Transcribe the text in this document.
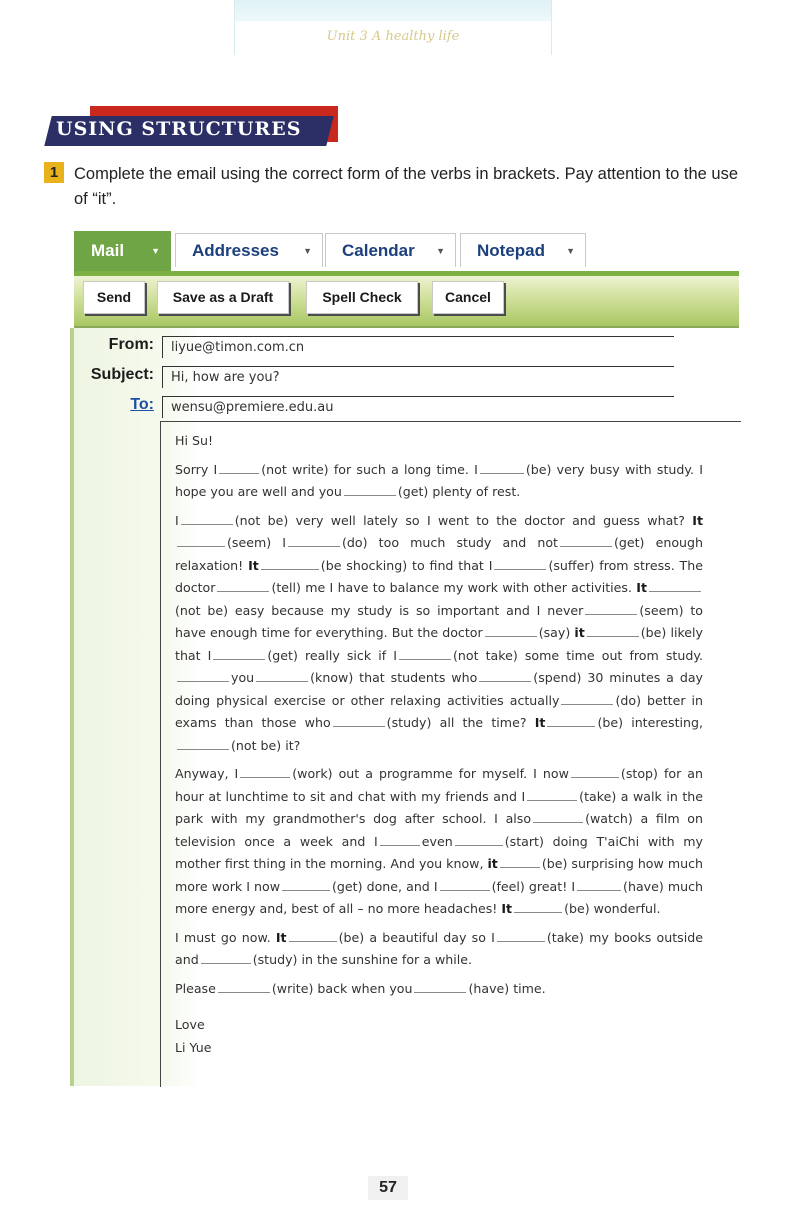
Unit 3 A healthy life
USING STRUCTURES
1 Complete the email using the correct form of the verbs in brackets. Pay attention to the use of “it”.
Mail	▼	Addresses	▼	Calendar ▼	Notepad ▼
Send	Save as a Draft	Spell Check	Cancel
From:	liyue@timon.com.cn
Subject:	Hi, how are you?
To:	wensu@premiere.edu.au

Hi Su!

Sorry I	(not write) for such a long time. I	(be) very busy with study. I hope you are well and you	(get) plenty of rest.

I	(not be) very well lately so I went to the doctor and guess what? It(seem) I	(do) too much study and not	(get) enough relaxation! It	(be shocking) to find that I	(suffer) from stress. The doctor	(tell) me I have to balance my work with other activities. It(not be) easy because my study is so important and I never	(seem) to have enough time for everything. But the doctor	(say) it	(be) likely that I	(get) really sick if I	(not take) some time out from study.you	(know) that students who	(spend) 30 minutes a day doing physical exercise or other relaxing activities actually	(do) better in exams than those who	(study) all the time? It	(be) interesting,(not be) it?

Anyway, I	(work) out a programme for myself. I now	(stop) for an hour at lunchtime to sit and chat with my friends and I	(take) a walk in the park with my grandmother's dog after school. I also	(watch) a film on television once a week and I	even	(start) doing T'aiChi with my mother first thing in the morning. And you know, it	(be) surprising how much more work I now	(get) done, and I	(feel) great! I	(have) much more energy and, best of all – no more headaches! It	(be) wonderful.

I must go now. It	(be) a beautiful day so I	(take) my books outside and	(study) in the sunshine for a while.

Please	(write) back when you	(have) time.

Love

Li Yue

57
